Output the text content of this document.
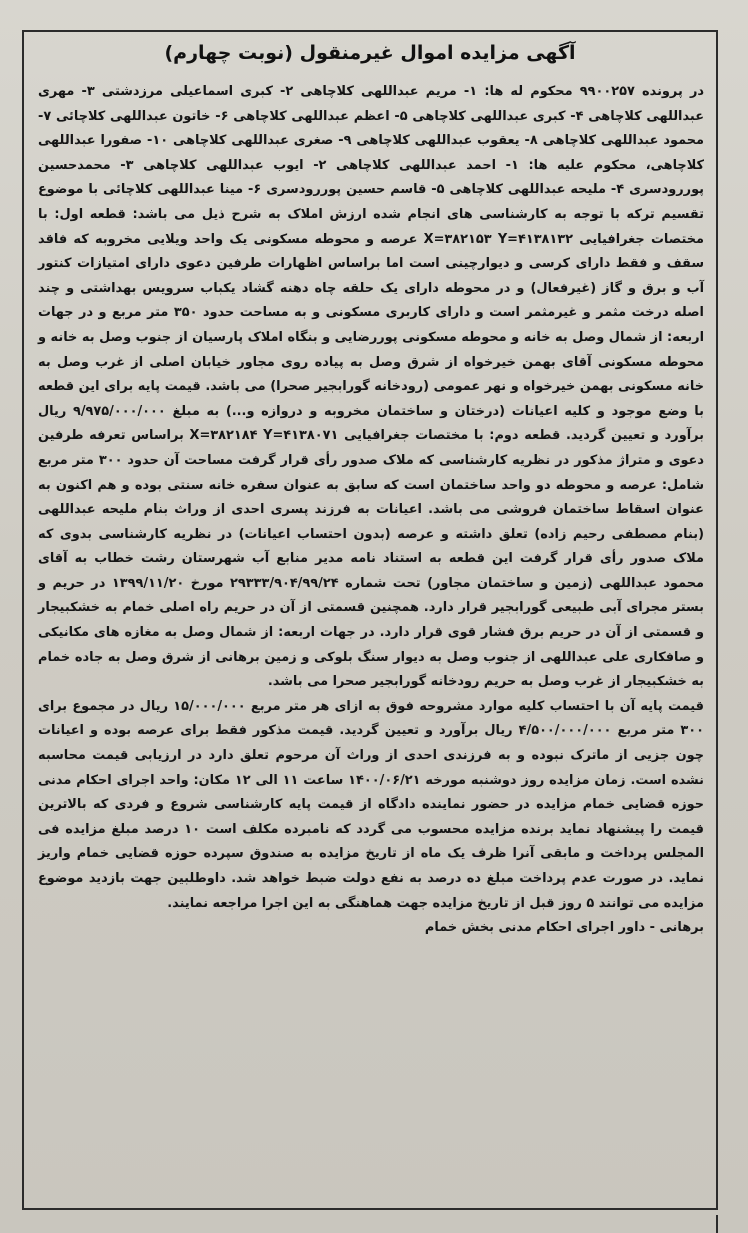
آگهی مزایده اموال غیرمنقول (نوبت چهارم)

در پرونده ۹۹۰۰۲۵۷ محکوم له ها: ۱- مریم عبداللهی کلاچاهی ۲- کبری اسماعیلی مرزدشتی ۳- مهری عبداللهی کلاچاهی ۴- کبری عبداللهی کلاچاهی ۵- اعظم عبداللهی کلاچاهی ۶- خاتون عبداللهی کلاچائی ۷- محمود عبداللهی کلاچاهی ۸- یعقوب عبداللهی کلاچاهی ۹- صغری عبداللهی کلاچاهی ۱۰- صفورا عبداللهی کلاچاهی، محکوم علیه ها: ۱- احمد عبداللهی کلاچاهی ۲- ایوب عبداللهی کلاچاهی ۳- محمدحسین پوررودسری ۴- ملیحه عبداللهی کلاچاهی ۵- قاسم حسین پوررودسری ۶- مینا عبداللهی کلاچائی با موضوع تقسیم ترکه با توجه به کارشناسی های انجام شده ارزش املاک به شرح ذیل می باشد: قطعه اول: با مختصات جغرافیایی X=۳۸۲۱۵۳ Y=۴۱۳۸۱۳۲ عرصه و محوطه مسکونی یک واحد ویلایی مخروبه که فاقد سقف و فقط دارای کرسی و دیوارچینی است اما براساس اظهارات طرفین دعوی دارای امتیازات کنتور آب و برق و گاز (غیرفعال) و در محوطه دارای یک حلقه چاه دهنه گشاد یکباب سرویس بهداشتی و چند اصله درخت مثمر و غیرمثمر است و دارای کاربری مسکونی و به مساحت حدود ۳۵۰ متر مربع و در جهات اربعه: از شمال وصل به خانه و محوطه مسکونی پوررضایی و بنگاه املاک پارسیان از جنوب وصل به خانه و محوطه مسکونی آقای بهمن خیرخواه از شرق وصل به پیاده روی مجاور خیابان اصلی از غرب وصل به خانه مسکونی بهمن خیرخواه و نهر عمومی (رودخانه گورابجیر صحرا) می باشد. قیمت پایه برای این قطعه با وضع موجود و کلیه اعیانات (درختان و ساختمان مخروبه و دروازه و...) به مبلغ ۹/۹۷۵/۰۰۰/۰۰۰ ریال برآورد و تعیین گردید. قطعه دوم: با مختصات جغرافیایی X=۳۸۲۱۸۴ Y=۴۱۳۸۰۷۱ براساس تعرفه طرفین دعوی و متراژ مذکور در نظریه کارشناسی که ملاک صدور رأی قرار گرفت مساحت آن حدود ۳۰۰ متر مربع شامل: عرصه و محوطه دو واحد ساختمان است که سابق به عنوان سفره خانه سنتی بوده و هم اکنون به عنوان اسقاط ساختمان فروشی می باشد. اعیانات به فرزند پسری احدی از وراث بنام ملیحه عبداللهی (بنام مصطفی رحیم زاده) تعلق داشته و عرصه (بدون احتساب اعیانات) در نظریه کارشناسی بدوی که ملاک صدور رأی قرار گرفت این قطعه به استناد نامه مدیر منابع آب شهرستان رشت خطاب به آقای محمود عبداللهی (زمین و ساختمان مجاور) تحت شماره ۲۹۳۳۳/۹۰۴/۹۹/۲۴ مورخ ۱۳۹۹/۱۱/۲۰ در حریم و بستر مجرای آبی طبیعی گورابجیر قرار دارد. همچنین قسمتی از آن در حریم راه اصلی خمام به خشکبیجار و قسمتی از آن در حریم برق فشار قوی قرار دارد. در جهات اربعه: از شمال وصل به مغازه های مکانیکی و صافکاری علی عبداللهی از جنوب وصل به دیوار سنگ بلوکی و زمین برهانی از شرق وصل به جاده خمام به خشکبیجار از غرب وصل به حریم رودخانه گورابجیر صحرا می باشد.

قیمت پایه آن با احتساب کلیه موارد مشروحه فوق به ازای هر متر مربع ۱۵/۰۰۰/۰۰۰ ریال در مجموع برای ۳۰۰ متر مربع ۴/۵۰۰/۰۰۰/۰۰۰ ریال برآورد و تعیین گردید. قیمت مذکور فقط برای عرصه بوده و اعیانات چون جزیی از ماترک نبوده و به فرزندی احدی از وراث آن مرحوم تعلق دارد در ارزیابی قیمت محاسبه نشده است. زمان مزایده روز دوشنبه مورخه ۱۴۰۰/۰۶/۲۱ ساعت ۱۱ الی ۱۲ مکان: واحد اجرای احکام مدنی حوزه قضایی خمام مزایده در حضور نماینده دادگاه از قیمت پایه کارشناسی شروع و فردی که بالاترین قیمت را پیشنهاد نماید برنده مزایده محسوب می گردد که نامبرده مکلف است ۱۰ درصد مبلغ مزایده فی المجلس پرداخت و مابقی آنرا ظرف یک ماه از تاریخ مزایده به صندوق سپرده حوزه قضایی خمام واریز نماید. در صورت عدم پرداخت مبلغ ده درصد به نفع دولت ضبط خواهد شد. داوطلبین جهت بازدید موضوع مزایده می توانند ۵ روز قبل از تاریخ مزایده جهت هماهنگی به این اجرا مراجعه نمایند.

برهانی - داور اجرای احکام مدنی بخش خمام
